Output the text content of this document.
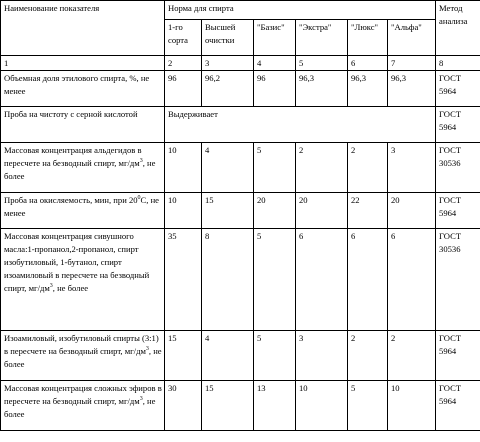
Наименование показателя	Норма для спирта						Метод анализа

	1-го сорта	Высшей очистки	"Базис"	"Экстра"	"Люкс"	"Альфа"	

1	2	3	4	5	6	7	8

Объемная доля этилового спирта, %, не менее	96	96,2	96	96,3	96,3	96,3	ГОСТ 5964

Проба на чистоту с серной кислотой	Выдерживает						ГОСТ 5964

Массовая концентрация альдегидов в пересчете на безводный спирт, $мг/дм^3$, не более	10	4	5	2	2	3	ГОСТ 30536

Проба на окисляемость, мин, при $20^0С$, не менее	10	15	20	20	22	20	ГОСТ 5964

Массовая концентрация сивушного масла:1-пропанол,2-пропанол, спирт изобутиловый, 1-бутанол, спирт изоамиловый в пересчете на безводный спирт, $мг/дм^3$, не более	35	8	5	6	6	6	ГОСТ 30536

Изоамиловый, изобутиловый спирты (3:1) в пересчете на безводный спирт, $мг/дм^3$, не более	15	4	5	3	2	2	ГОСТ 5964

Массовая концентрация сложных эфиров в пересчете на безводный спирт, $мг/дм^3$, не более	30	15	13	10	5	10	ГОСТ 5964
